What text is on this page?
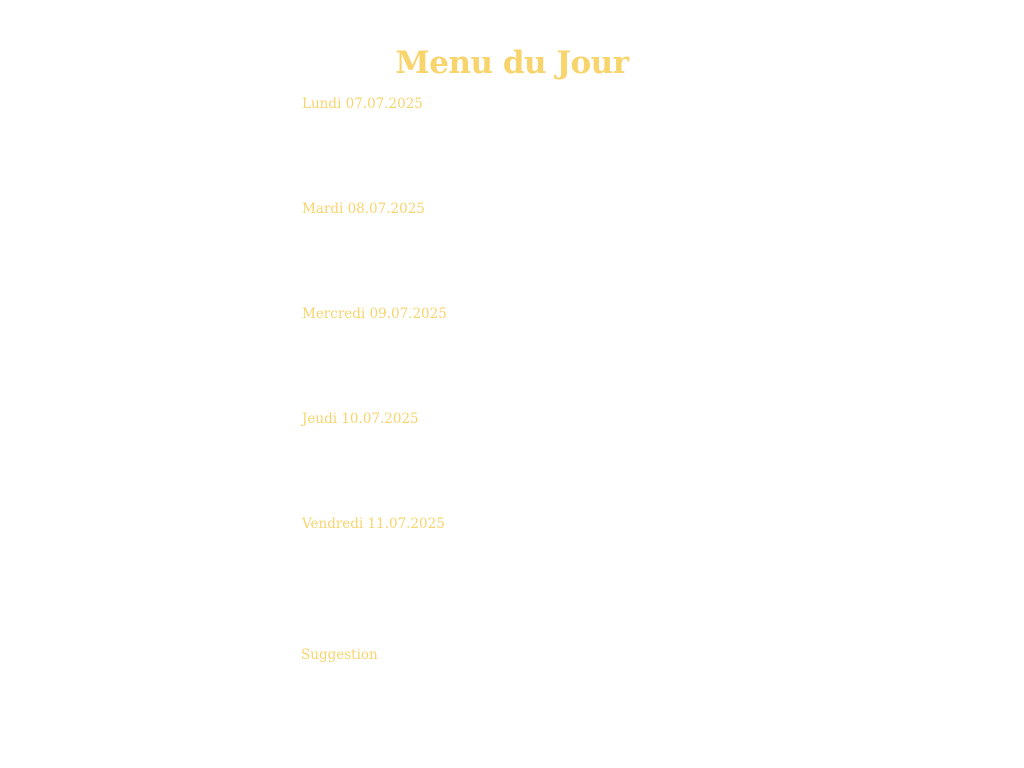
Menu du Jour
Lundi 07.07.2025
Mardi 08.07.2025
Mercredi 09.07.2025
Jeudi 10.07.2025
Vendredi 11.07.2025
Suggestion
